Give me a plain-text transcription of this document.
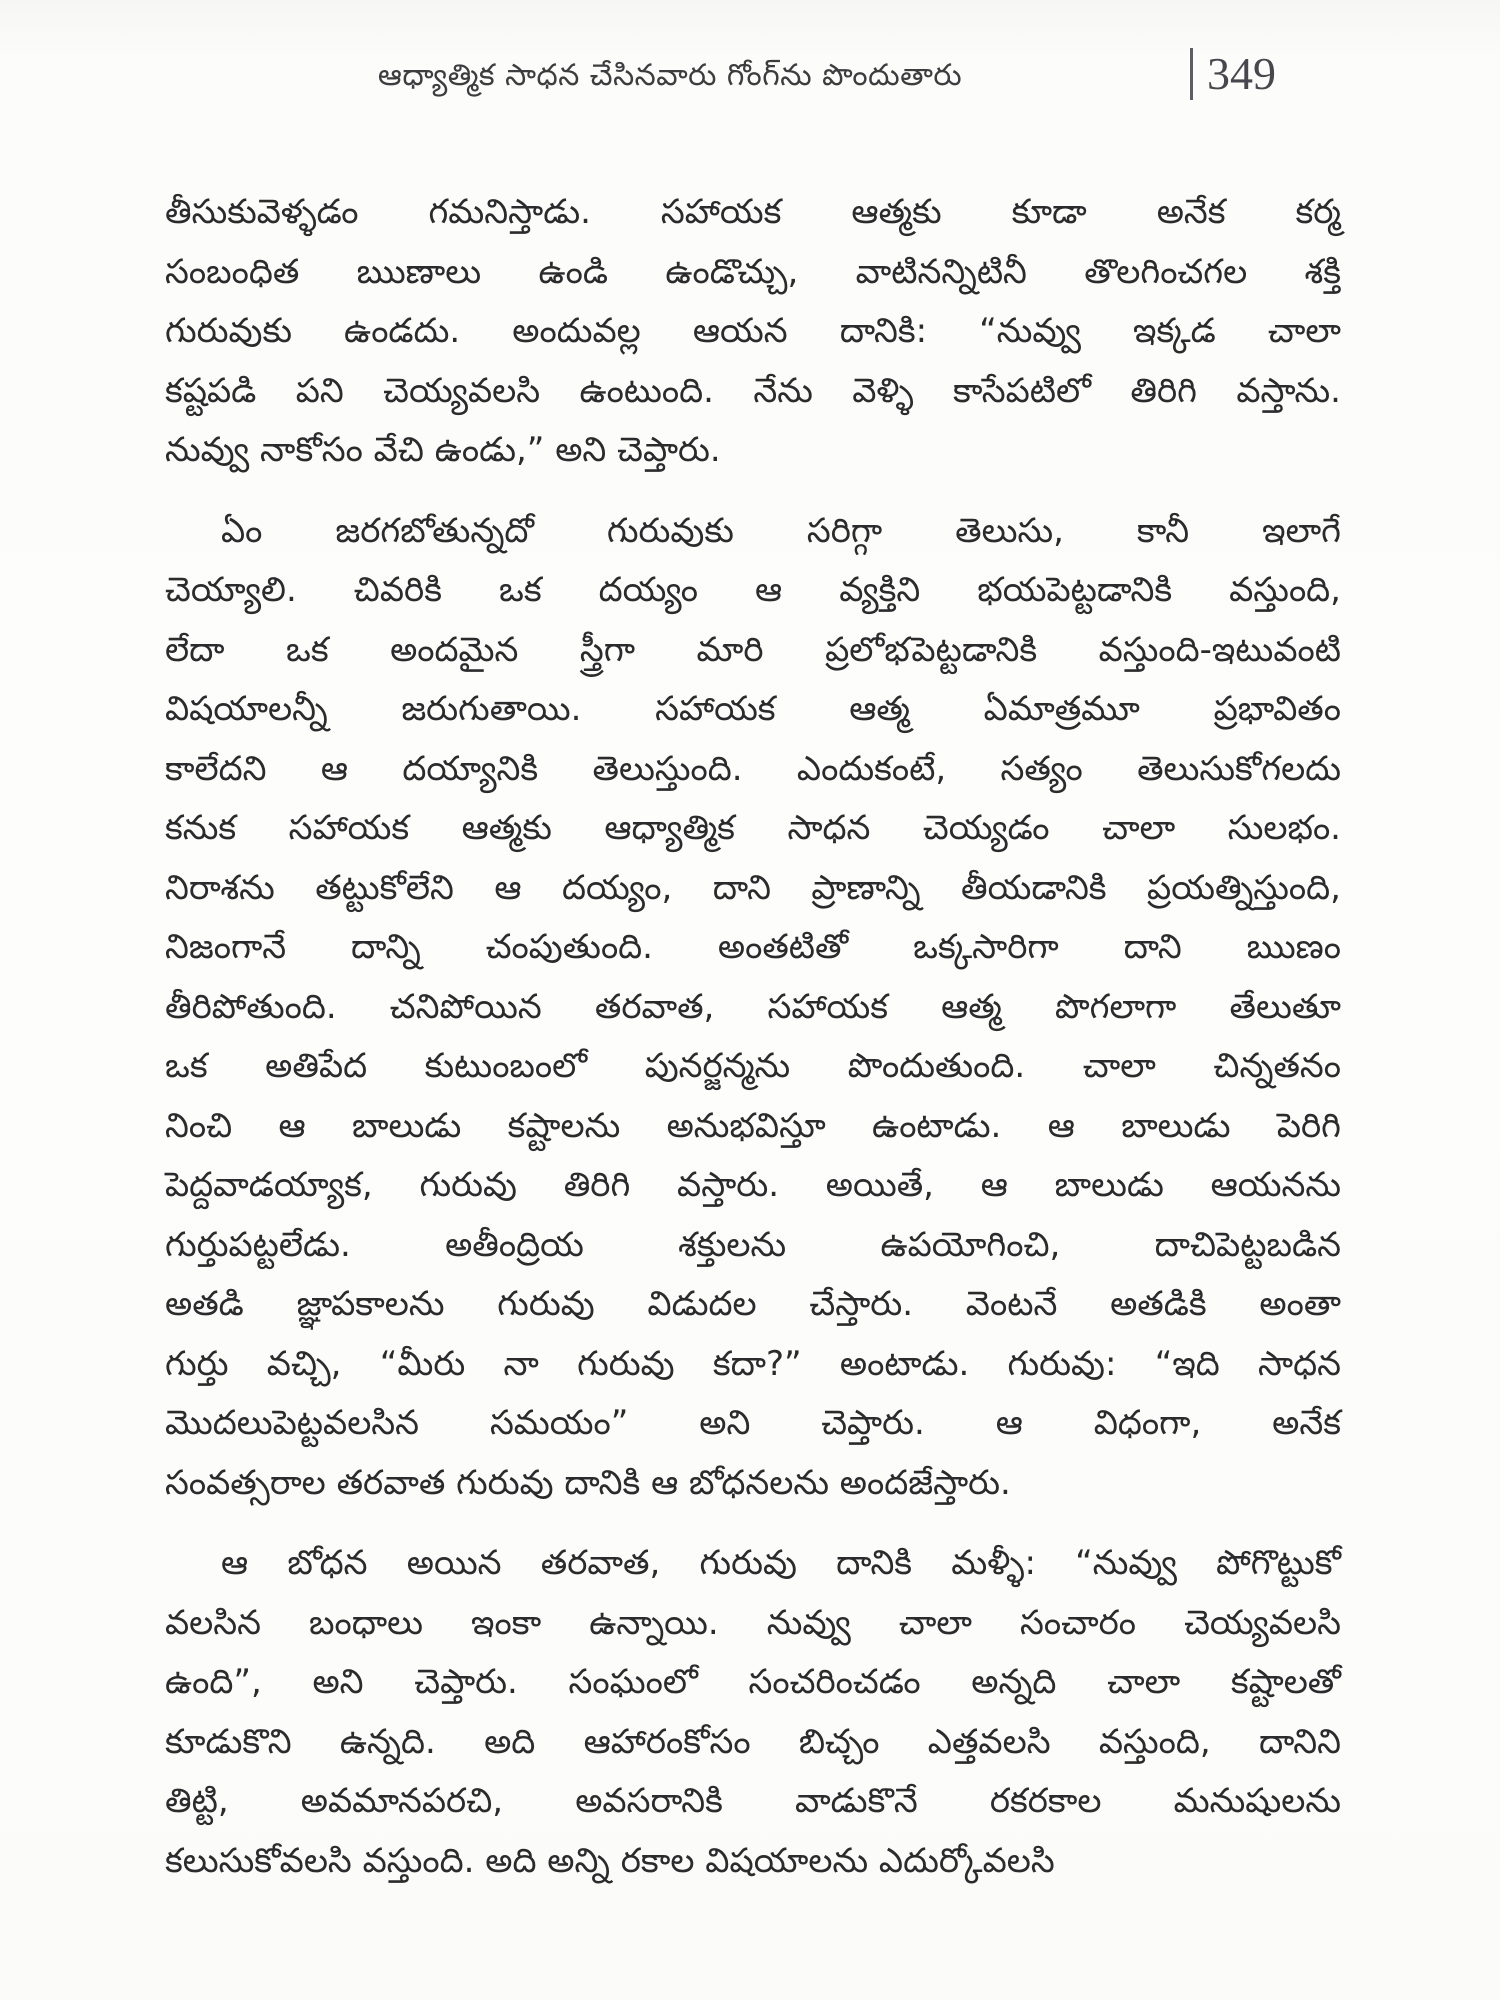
ఆధ్యాత్మిక సాధన చేసినవారు గోంగ్‌ను పొందుతారు	349
తీసుకువెళ్ళడం గమనిస్తాడు. సహాయక ఆత్మకు కూడా అనేక కర్మ
సంబంధిత ఋణాలు ఉండి ఉండొచ్చు, వాటినన్నిటినీ తొలగించగల శక్తి
గురువుకు ఉండదు. అందువల్ల ఆయన దానికి: “నువ్వు ఇక్కడ చాలా
కష్టపడి పని చెయ్యవలసి ఉంటుంది. నేను వెళ్ళి కాసేపటిలో తిరిగి వస్తాను.
నువ్వు నాకోసం వేచి ఉండు,” అని చెప్తారు.
ఏం జరగబోతున్నదో గురువుకు సరిగ్గా తెలుసు, కానీ ఇలాగే
చెయ్యాలి. చివరికి ఒక దయ్యం ఆ వ్యక్తిని భయపెట్టడానికి వస్తుంది,
లేదా ఒక అందమైన స్త్రీగా మారి ప్రలోభపెట్టడానికి వస్తుంది-ఇటువంటి
విషయాలన్నీ జరుగుతాయి. సహాయక ఆత్మ ఏమాత్రమూ ప్రభావితం
కాలేదని ఆ దయ్యానికి తెలుస్తుంది. ఎందుకంటే, సత్యం తెలుసుకోగలదు
కనుక సహాయక ఆత్మకు ఆధ్యాత్మిక సాధన చెయ్యడం చాలా సులభం.
నిరాశను తట్టుకోలేని ఆ దయ్యం, దాని ప్రాణాన్ని తీయడానికి ప్రయత్నిస్తుంది,
నిజంగానే దాన్ని చంపుతుంది. అంతటితో ఒక్కసారిగా దాని ఋణం
తీరిపోతుంది. చనిపోయిన తరవాత, సహాయక ఆత్మ పొగలాగా తేలుతూ
ఒక అతిపేద కుటుంబంలో పునర్జన్మను పొందుతుంది. చాలా చిన్నతనం
నించి ఆ బాలుడు కష్టాలను అనుభవిస్తూ ఉంటాడు. ఆ బాలుడు పెరిగి
పెద్దవాడయ్యాక, గురువు తిరిగి వస్తారు. అయితే, ఆ బాలుడు ఆయనను
గుర్తుపట్టలేడు. అతీంద్రియ శక్తులను ఉపయోగించి, దాచిపెట్టబడిన
అతడి జ్ఞాపకాలను గురువు విడుదల చేస్తారు. వెంటనే అతడికి అంతా
గుర్తు వచ్చి, “మీరు నా గురువు కదా?” అంటాడు. గురువు: “ఇది సాధన
మొదలుపెట్టవలసిన సమయం” అని చెప్తారు. ఆ విధంగా, అనేక
సంవత్సరాల తరవాత గురువు దానికి ఆ బోధనలను అందజేస్తారు.
ఆ బోధన అయిన తరవాత, గురువు దానికి మళ్ళీ: “నువ్వు పోగొట్టుకో
వలసిన బంధాలు ఇంకా ఉన్నాయి. నువ్వు చాలా సంచారం చెయ్యవలసి
ఉంది”, అని చెప్తారు. సంఘంలో సంచరించడం అన్నది చాలా కష్టాలతో
కూడుకొని ఉన్నది. అది ఆహారంకోసం బిచ్చం ఎత్తవలసి వస్తుంది, దానిని
తిట్టి, అవమానపరచి, అవసరానికి వాడుకొనే రకరకాల మనుషులను
కలుసుకోవలసి వస్తుంది. అది అన్ని రకాల విషయాలను ఎదుర్కోవలసి
